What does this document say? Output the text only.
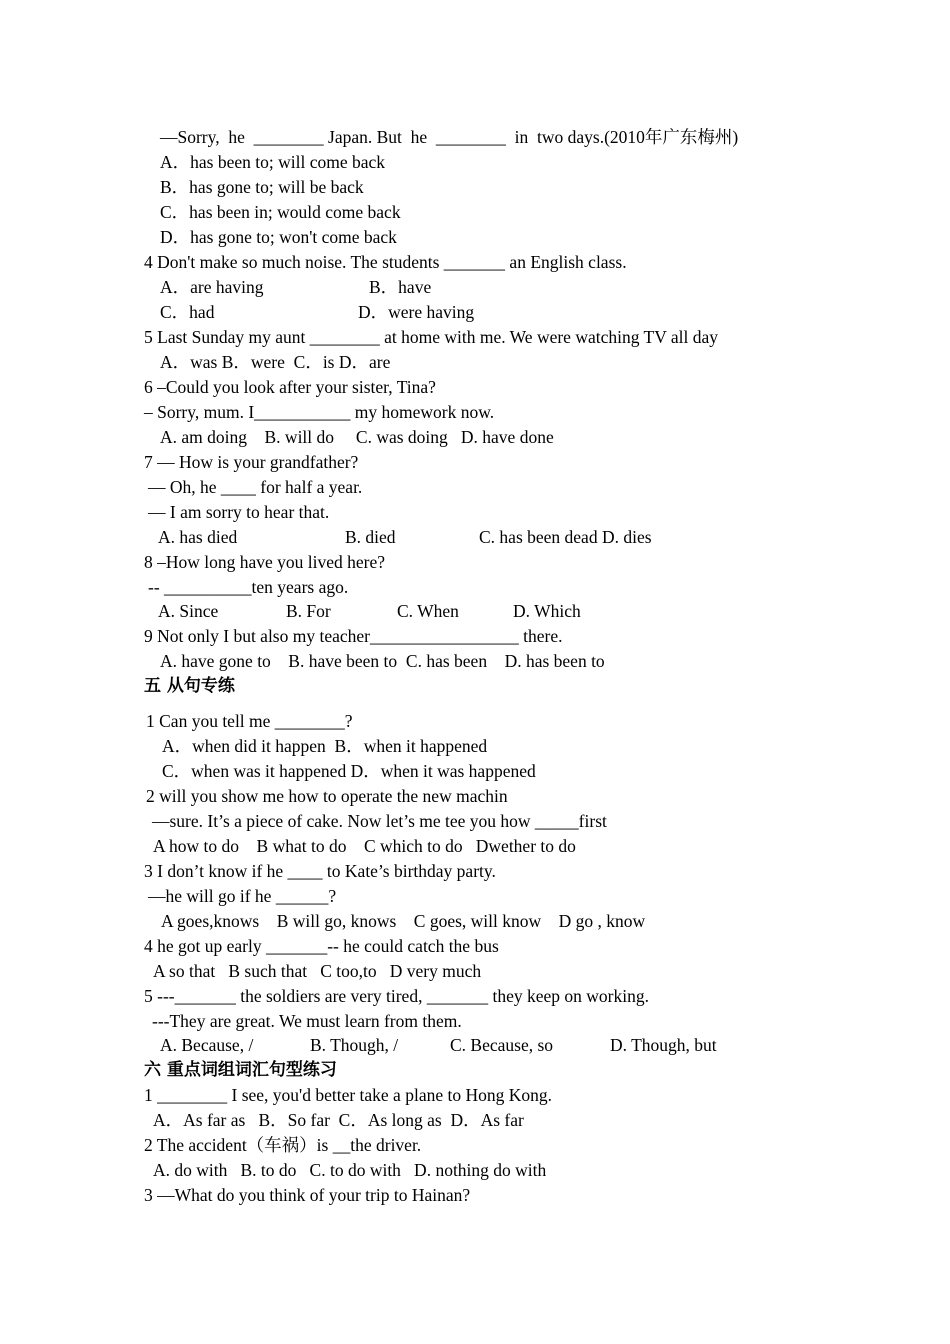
—Sorry,  he  ________ Japan. But  he  ________  in  two days.(2010年广东梅州)

A．has been to; will come back

B．has gone to; will be back

C．has been in; would come back

D．has gone to; won't come back

4 Don't make so much noise. The students _______ an English class.

A．are having	B．have

C．had	D．were having

5 Last Sunday my aunt ________ at home with me. We were watching TV all day

A．was B．were  C．is D．are

6 –Could you look after your sister, Tina?

– Sorry, mum. I___________ my homework now.

A. am doing    B. will do     C. was doing   D. have done

7 — How is your grandfather?

— Oh, he ____ for half a year.

— I am sorry to hear that.

A. has died	B. died	C. has been dead D. dies

8 –How long have you lived here?

-- __________ten years ago.

A. Since	B. For	C. When	D. Which

9 Not only I but also my teacher_________________ there.

A. have gone to    B. have been to  C. has been    D. has been to

五 从句专练

1 Can you tell me ________?

A．when did it happen  B．when it happened

C．when was it happened D．when it was happened

2 will you show me how to operate the new machin

—sure. It’s a piece of cake. Now let’s me tee you how _____first

A how to do    B what to do    C which to do   Dwether to do

3 I don’t know if he ____ to Kate’s birthday party.

—he will go if he ______?

A goes,knows    B will go, knows    C goes, will know    D go , know

4 he got up early _______-- he could catch the bus

A so that   B such that   C too,to   D very much

5 ---_______ the soldiers are very tired, _______ they keep on working.

---They are great. We must learn from them.

A. Because, /	B. Though, /	C. Because, so	D. Though, but

六 重点词组词汇句型练习

1 ________ I see, you'd better take a plane to Hong Kong.

A．As far as   B．So far  C．As long as  D．As far

2 The accident（车祸）is __the driver.

A. do with   B. to do   C. to do with   D. nothing do with

3 —What do you think of your trip to Hainan?
